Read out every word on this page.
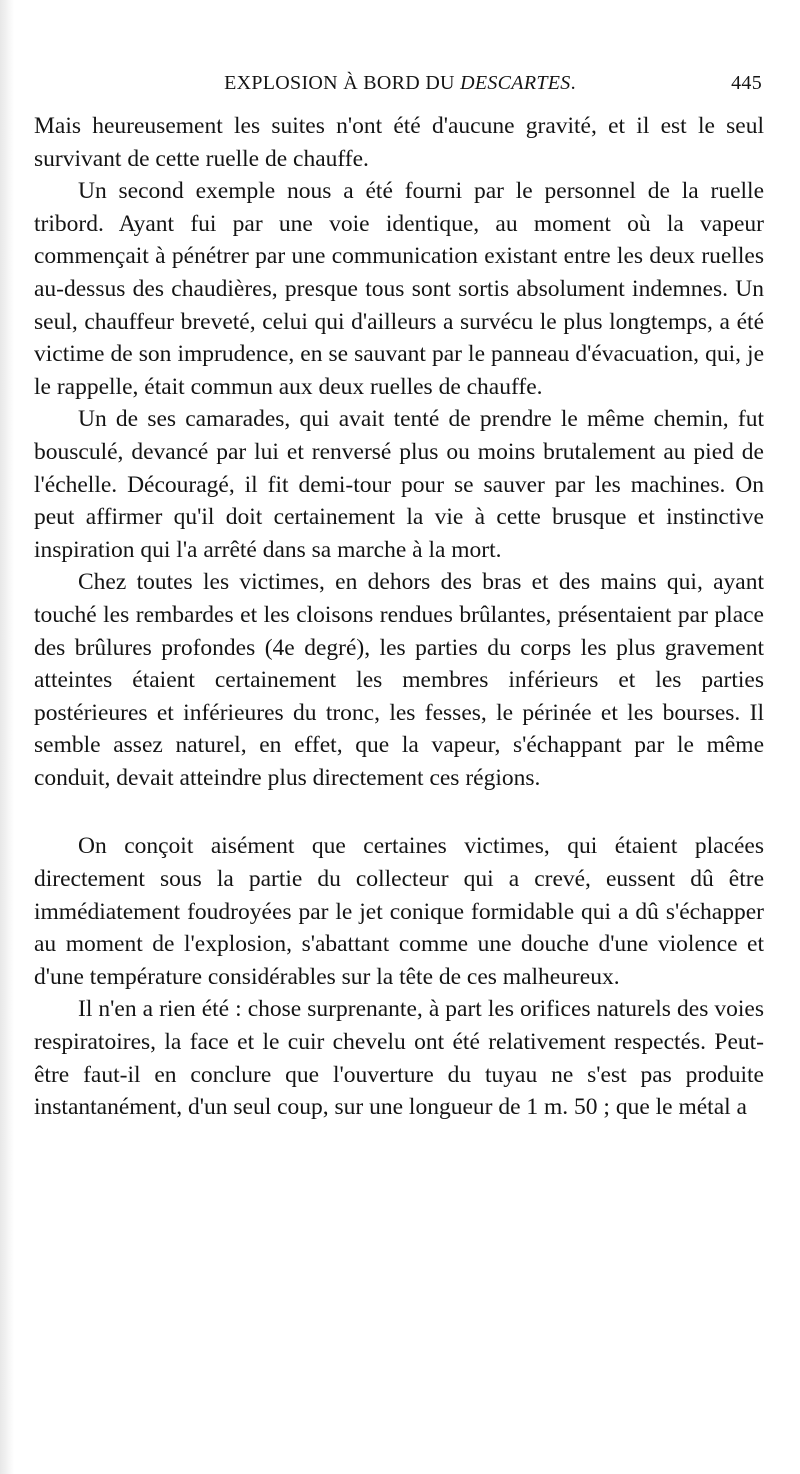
EXPLOSION À BORD DU DESCARTES.	445

Mais heureusement les suites n'ont été d'aucune gravité, et il est le seul survivant de cette ruelle de chauffe.

Un second exemple nous a été fourni par le personnel de la ruelle tribord. Ayant fui par une voie identique, au moment où la vapeur commençait à pénétrer par une communication existant entre les deux ruelles au-dessus des chaudières, presque tous sont sortis absolument indemnes. Un seul, chauffeur breveté, celui qui d'ailleurs a survécu le plus longtemps, a été victime de son imprudence, en se sauvant par le panneau d'évacuation, qui, je le rappelle, était commun aux deux ruelles de chauffe.

Un de ses camarades, qui avait tenté de prendre le même chemin, fut bousculé, devancé par lui et renversé plus ou moins brutalement au pied de l'échelle. Découragé, il fit demi-tour pour se sauver par les machines. On peut affirmer qu'il doit certainement la vie à cette brusque et instinctive inspiration qui l'a arrêté dans sa marche à la mort.

Chez toutes les victimes, en dehors des bras et des mains qui, ayant touché les rembardes et les cloisons rendues brûlantes, présentaient par place des brûlures profondes (4e degré), les parties du corps les plus gravement atteintes étaient certainement les membres inférieurs et les parties postérieures et inférieures du tronc, les fesses, le périnée et les bourses. Il semble assez naturel, en effet, que la vapeur, s'échappant par le même conduit, devait atteindre plus directement ces régions.

On conçoit aisément que certaines victimes, qui étaient placées directement sous la partie du collecteur qui a crevé, eussent dû être immédiatement foudroyées par le jet conique formidable qui a dû s'échapper au moment de l'explosion, s'abattant comme une douche d'une violence et d'une température considérables sur la tête de ces malheureux.

Il n'en a rien été : chose surprenante, à part les orifices naturels des voies respiratoires, la face et le cuir chevelu ont été relativement respectés. Peut-être faut-il en conclure que l'ouverture du tuyau ne s'est pas produite instantanément, d'un seul coup, sur une longueur de 1 m. 50 ; que le métal a
